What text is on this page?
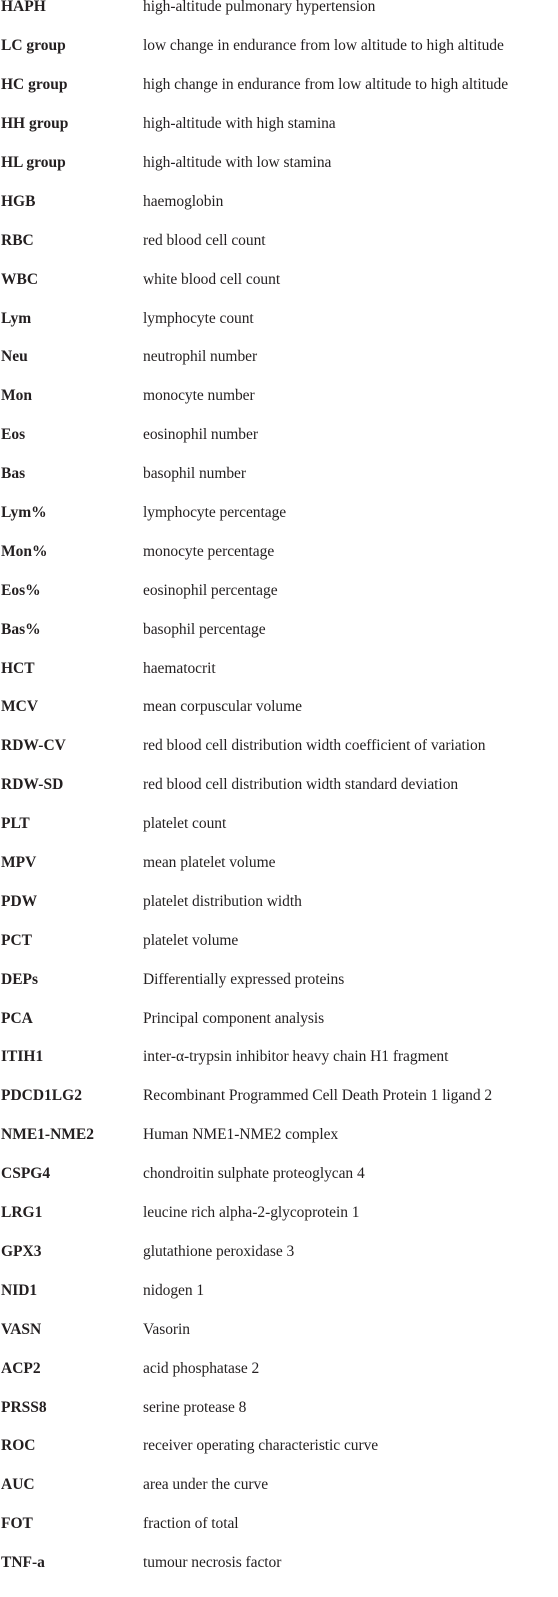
HAPH	high-altitude pulmonary hypertension
LC group	low change in endurance from low altitude to high altitude
HC group	high change in endurance from low altitude to high altitude
HH group	high-altitude with high stamina
HL group	high-altitude with low stamina
HGB	haemoglobin
RBC	red blood cell count
WBC	white blood cell count
Lym	lymphocyte count
Neu	neutrophil number
Mon	monocyte number
Eos	eosinophil number
Bas	basophil number
Lym%	lymphocyte percentage
Mon%	monocyte percentage
Eos%	eosinophil percentage
Bas%	basophil percentage
HCT	haematocrit
MCV	mean corpuscular volume
RDW-CV	red blood cell distribution width coefficient of variation
RDW-SD	red blood cell distribution width standard deviation
PLT	platelet count
MPV	mean platelet volume
PDW	platelet distribution width
PCT	platelet volume
DEPs	Differentially expressed proteins
PCA	Principal component analysis
ITIH1	inter-α-trypsin inhibitor heavy chain H1 fragment
PDCD1LG2	Recombinant Programmed Cell Death Protein 1 ligand 2
NME1-NME2	Human NME1-NME2 complex
CSPG4	chondroitin sulphate proteoglycan 4
LRG1	leucine rich alpha-2-glycoprotein 1
GPX3	glutathione peroxidase 3
NID1	nidogen 1
VASN	Vasorin
ACP2	acid phosphatase 2
PRSS8	serine protease 8
ROC	receiver operating characteristic curve
AUC	area under the curve
FOT	fraction of total
TNF-a	tumour necrosis factor
